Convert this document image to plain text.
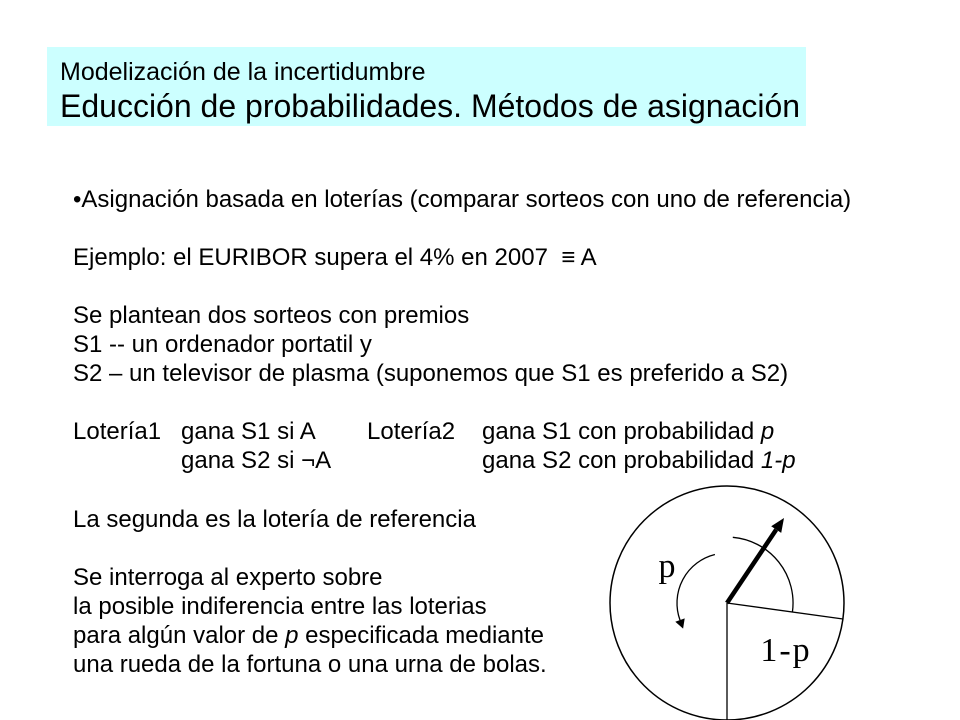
Modelización de la incertidumbre
Educción de probabilidades. Métodos de asignación
•Asignación basada en loterías (comparar sorteos con uno de referencia)
Ejemplo: el EURIBOR supera el 4% en 2007  ≡ A
Se plantean dos sorteos con premios
S1 -- un ordenador portatil y
S2 – un televisor de plasma (suponemos que S1 es preferido a S2)
Lotería1 gana S1 si A Lotería2 gana S1 con probabilidad p
gana S2 si ¬A	gana S2 con probabilidad 1-p
La segunda es la lotería de referencia
Se interroga al experto sobre
la posible indiferencia entre las loterias
para algún valor de p especificada mediante
una rueda de la fortuna o una urna de bolas.
p
1-p
